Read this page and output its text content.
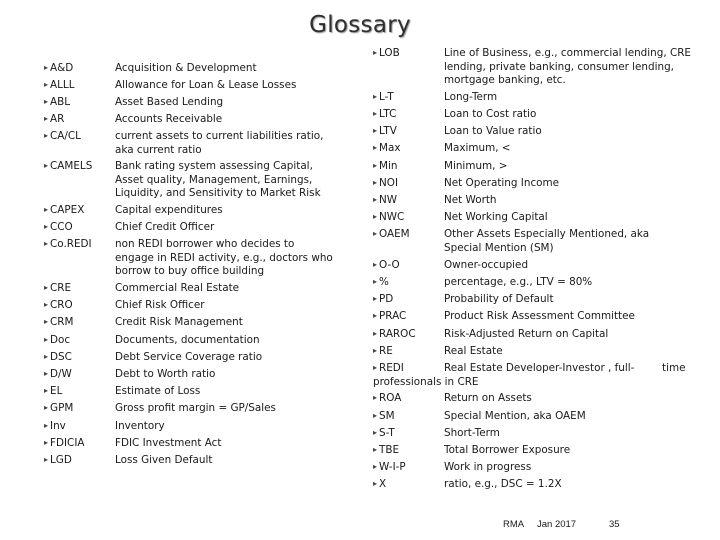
Glossary
▸ A&D	Acquisition & Development
▸ ALLL	Allowance for Loan & Lease Losses
▸ ABL	Asset Based Lending
▸ AR	Accounts Receivable
▸ CA/CL	current assets to current liabilities ratio, aka current ratio
▸ CAMELS Bank rating system assessing Capital, Asset quality, Management, Earnings, Liquidity, and Sensitivity to Market Risk
▸ CAPEX	Capital expenditures
▸ CCO	Chief Credit Officer
▸ Co.REDI non REDI borrower who decides to engage in REDI activity, e.g., doctors who borrow to buy office building
▸ CRE	Commercial Real Estate
▸ CRO	Chief Risk Officer
▸ CRM	Credit Risk Management
▸ Doc	Documents, documentation
▸ DSC	Debt Service Coverage ratio
▸ D/W	Debt to Worth ratio
▸ EL	Estimate of Loss
▸ GPM	Gross profit margin = GP/Sales
▸ Inv	Inventory
▸ FDICIA	FDIC Investment Act
▸ LGD	Loss Given Default
▸ LOB	Line of Business, e.g., commercial lending, CRE lending, private banking, consumer lending, mortgage banking, etc.
▸ L-T	Long-Term
▸ LTC	Loan to Cost ratio
▸ LTV	Loan to Value ratio
▸ Max	Maximum, <
▸ Min	Minimum, >
▸ NOI	Net Operating Income
▸ NW	Net Worth
▸ NWC	Net Working Capital
▸ OAEM	Other Assets Especially Mentioned, aka Special Mention (SM)
▸ O-O	Owner-occupied
▸ %	percentage, e.g., LTV = 80%
▸ PD	Probability of Default
▸ PRAC	Product Risk Assessment Committee
▸ RAROC	Risk-Adjusted Return on Capital
▸ RE	Real Estate
▸ REDI	Real Estate Developer-Investor , full-	time
professionals in CRE
▸ ROA	Return on Assets
▸ SM	Special Mention, aka OAEM
▸ S-T	Short-Term
▸ TBE	Total Borrower Exposure
▸ W-I-P	Work in progress
▸ X	ratio, e.g., DSC = 1.2X
RMA Jan 2017	35
